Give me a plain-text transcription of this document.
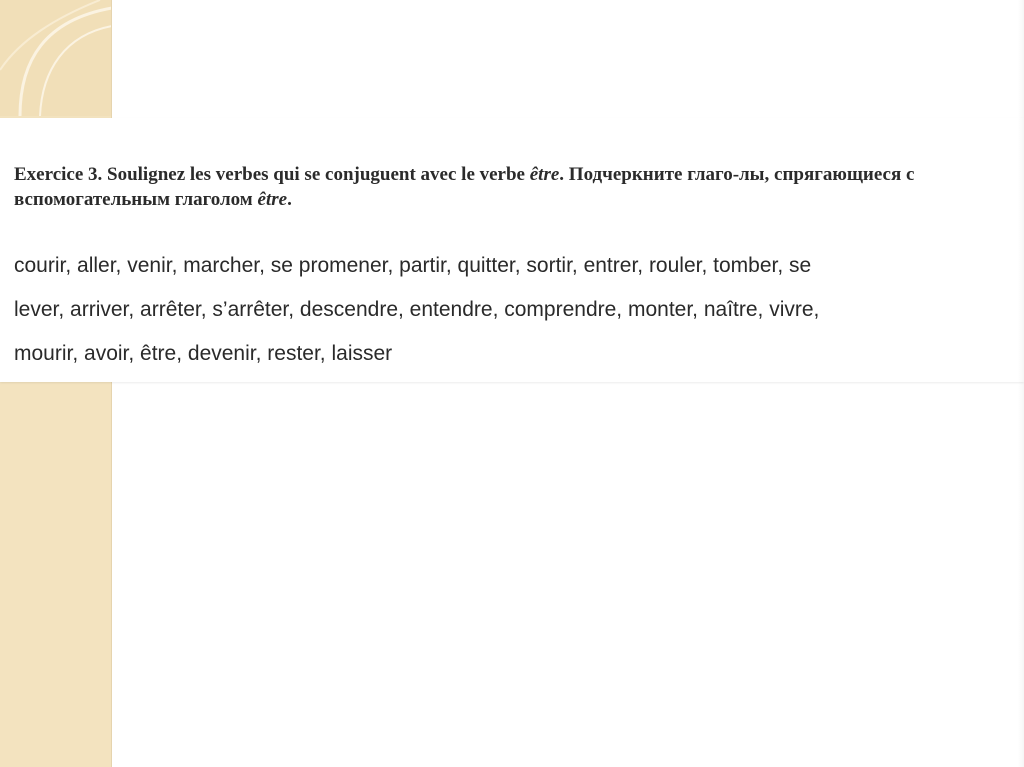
Exercice 3. Soulignez les verbes qui se conjuguent avec le verbe être. Подчеркните глаго-лы, спрягающиеся с вспомогательным глаголом être.

courir, aller, venir, marcher, se promener, partir, quitter, sortir, entrer, rouler, tomber, se
lever, arriver, arrêter, s’arrêter, descendre, entendre, comprendre, monter, naître, vivre,
mourir, avoir, être, devenir, rester, laisser
